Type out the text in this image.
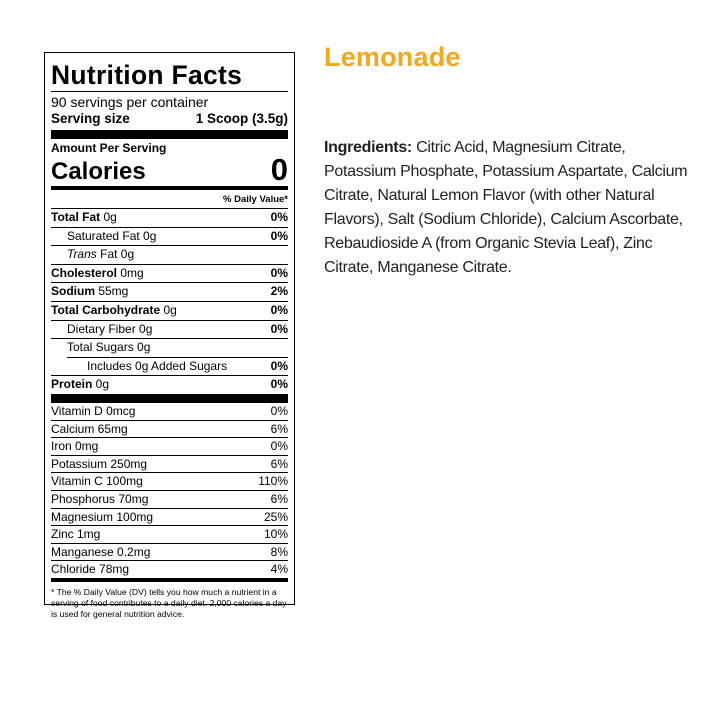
Nutrition Facts
90 servings per container
Serving size	1 Scoop (3.5g)
Amount Per Serving
Calories	0
% Daily Value*
Total Fat 0g	0%
Saturated Fat 0g	0%
Trans Fat 0g
Cholesterol 0mg	0%
Sodium 55mg	2%
Total Carbohydrate 0g	0%
Dietary Fiber 0g	0%
Total Sugars 0g
Includes 0g Added Sugars	0%
Protein 0g	0%
Vitamin D 0mcg	0%
Calcium 65mg	6%
Iron 0mg	0%
Potassium 250mg	6%
Vitamin C 100mg	110%
Phosphorus 70mg	6%
Magnesium 100mg	25%
Zinc 1mg	10%
Manganese 0.2mg	8%
Chloride 78mg	4%
* The % Daily Value (DV) tells you how much a nutrient in a serving of food contributes to a daily diet. 2,000 calories a day is used for general nutrition advice.
Lemonade
Ingredients: Citric Acid, Magnesium Citrate, Potassium Phosphate, Potassium Aspartate, Calcium Citrate, Natural Lemon Flavor (with other Natural Flavors), Salt (Sodium Chloride), Calcium Ascorbate, Rebaudioside A (from Organic Stevia Leaf), Zinc Citrate, Manganese Citrate.
